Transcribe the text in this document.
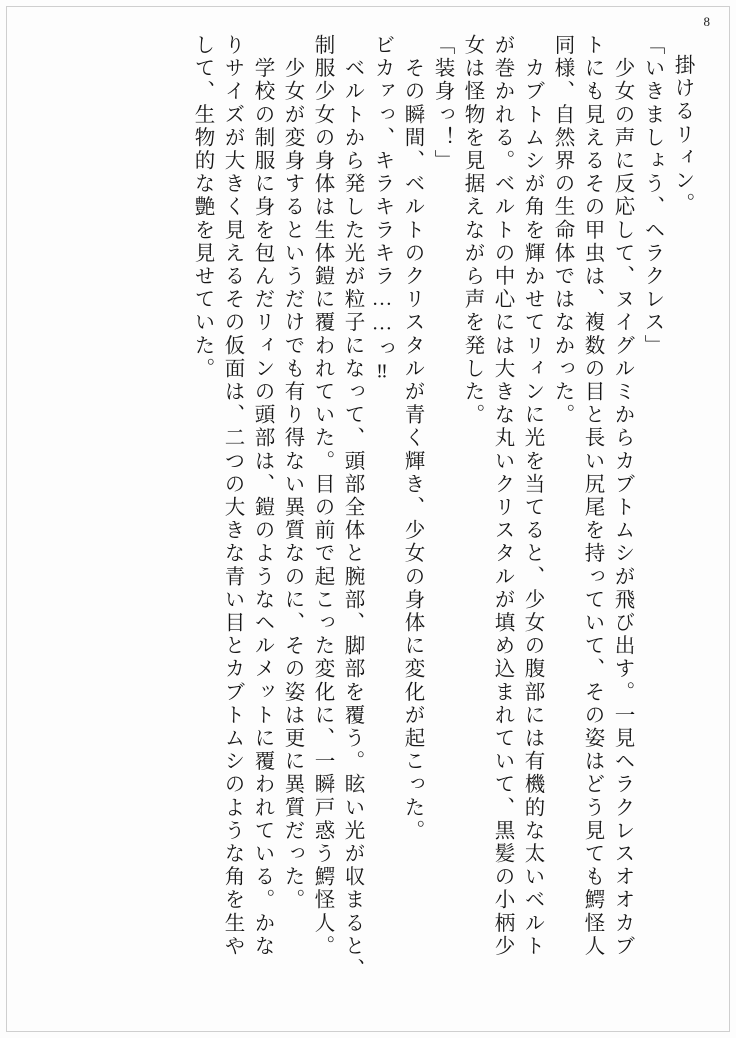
8
掛けるリィン。
「いきましょう、ヘラクレス」
　少女の声に反応して、ヌイグルミからカブトムシが飛び出す。一見ヘラクレスオオカブ
トにも見えるその甲虫は、複数の目と長い尻尾を持っていて、その姿はどう見ても鰐怪人
同様、自然界の生命体ではなかった。
　カブトムシが角を輝かせてリィンに光を当てると、少女の腹部には有機的な太いベルト
が巻かれる。ベルトの中心には大きな丸いクリスタルが填め込まれていて、黒髪の小柄少
女は怪物を見据えながら声を発した。
「装身っ！」
　その瞬間、ベルトのクリスタルが青く輝き、少女の身体に変化が起こった。
ビカァっ、キラキラキラ……っ‼
　ベルトから発した光が粒子になって、頭部全体と腕部、脚部を覆う。眩い光が収まると、
制服少女の身体は生体鎧に覆われていた。目の前で起こった変化に、一瞬戸惑う鰐怪人。
　少女が変身するというだけでも有り得ない異質なのに、その姿は更に異質だった。
　学校の制服に身を包んだリィンの頭部は、鎧のようなヘルメットに覆われている。かな
りサイズが大きく見えるその仮面は、二つの大きな青い目とカブトムシのような角を生や
して、生物的な艶を見せていた。
